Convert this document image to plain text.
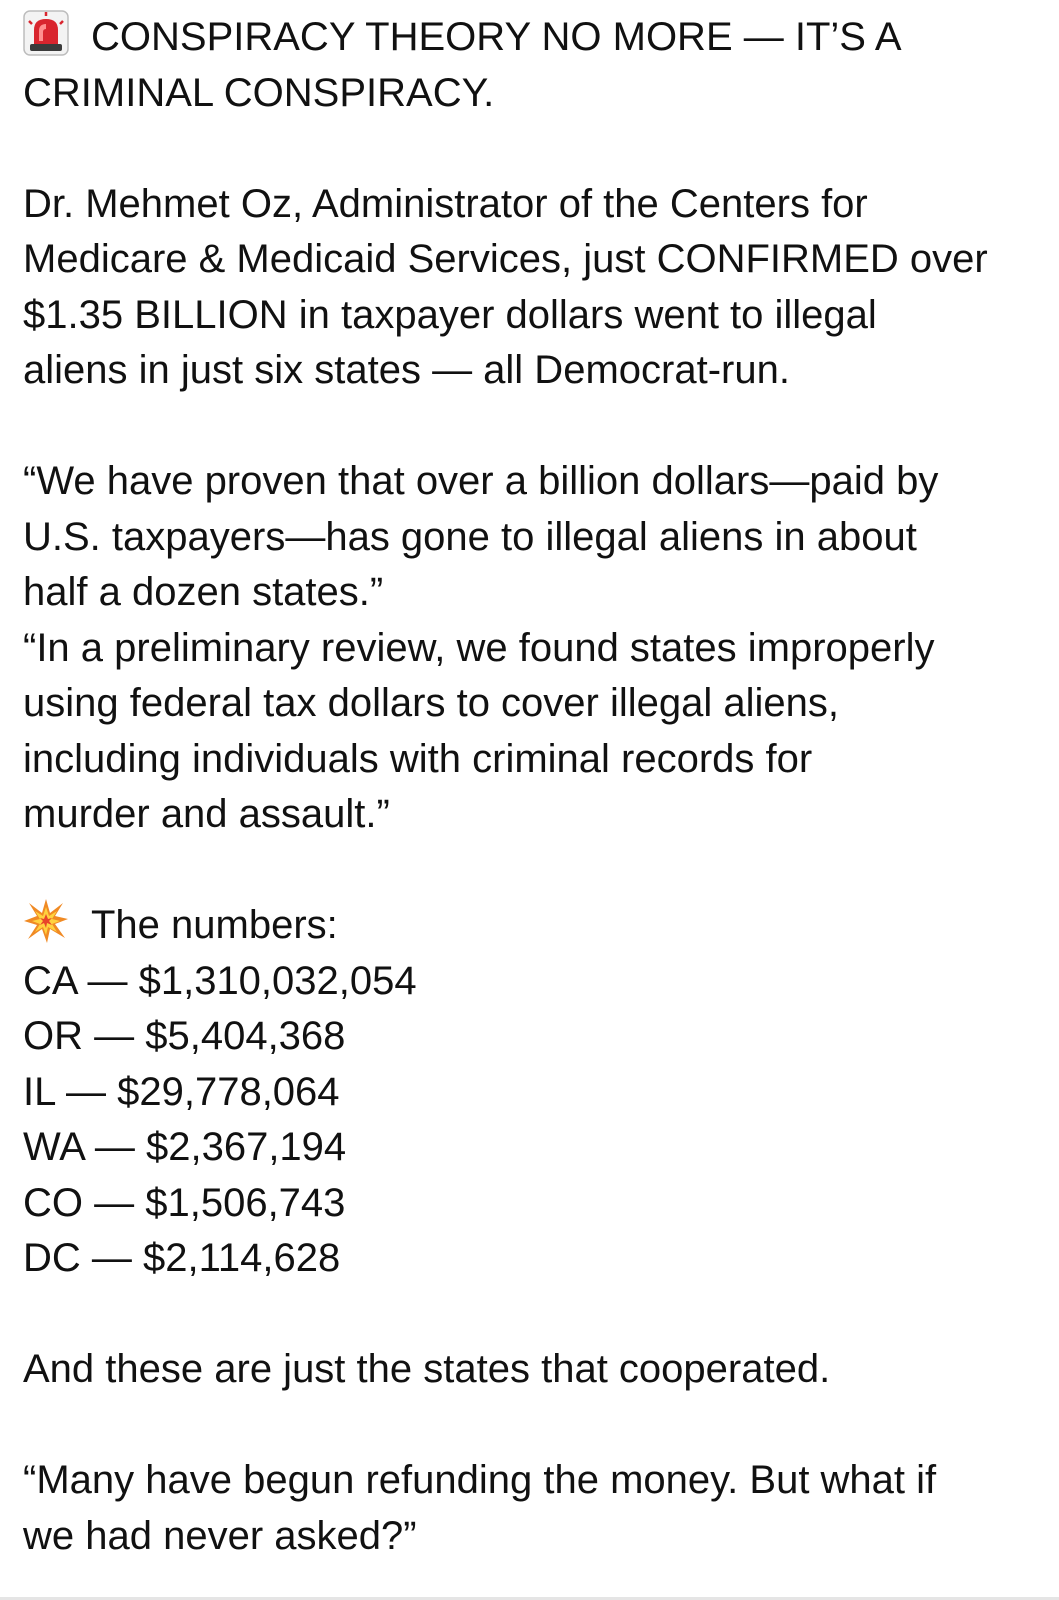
CONSPIRACY THEORY NO MORE — IT’S A
CRIMINAL CONSPIRACY.
Dr. Mehmet Oz, Administrator of the Centers for
Medicare & Medicaid Services, just CONFIRMED over
$1.35 BILLION in taxpayer dollars went to illegal
aliens in just six states — all Democrat-run.
“We have proven that over a billion dollars—paid by
U.S. taxpayers—has gone to illegal aliens in about
half a dozen states.”
“In a preliminary review, we found states improperly
using federal tax dollars to cover illegal aliens,
including individuals with criminal records for
murder and assault.”
The numbers:
CA — $1,310,032,054
OR — $5,404,368
IL — $29,778,064
WA — $2,367,194
CO — $1,506,743
DC — $2,114,628
And these are just the states that cooperated.
“Many have begun refunding the money. But what if
we had never asked?”
